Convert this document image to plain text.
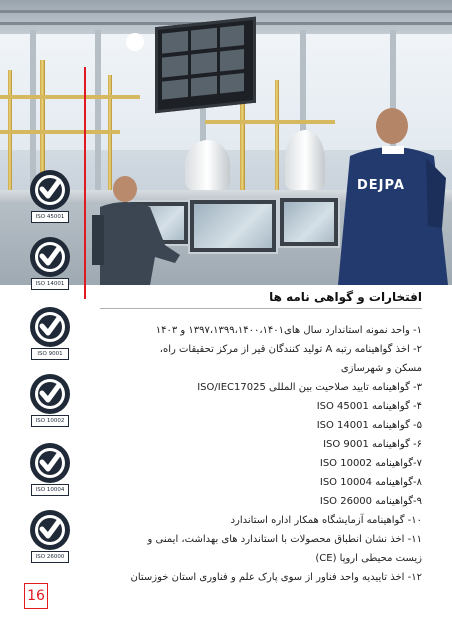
DEJPA
ISO 45001
ISO 14001
ISO 9001
ISO 10002
ISO 10004
ISO 26000
افتخارات و گواهی نامه ها
۱- واحد نمونه استاندارد سال های۱۳۹۷،۱۳۹۹،۱۴۰۰،۱۴۰۱ و ۱۴۰۳
۲- اخذ گواهینامه رتبه A تولید کنندگان قیر از مرکز تحقیقات راه،
مسکن و شهرسازی
۳- گواهینامه تایید صلاحیت بین المللی ISO/IEC17025
۴- گواهینامه ISO 45001
۵- گواهینامه ISO 14001
۶- گواهینامه ISO 9001
۷-گواهینامه ISO 10002
۸-گواهینامه ISO 10004
۹-گواهینامه ISO 26000
۱۰- گواهینامه آزمایشگاه همکار اداره استاندارد
۱۱- اخذ نشان انطباق محصولات با استاندارد های بهداشت، ایمنی و
زیست محیطی اروپا (CE)
۱۲- اخذ تاییدیه واحد فناور از سوی پارک علم و فناوری استان خوزستان
16
